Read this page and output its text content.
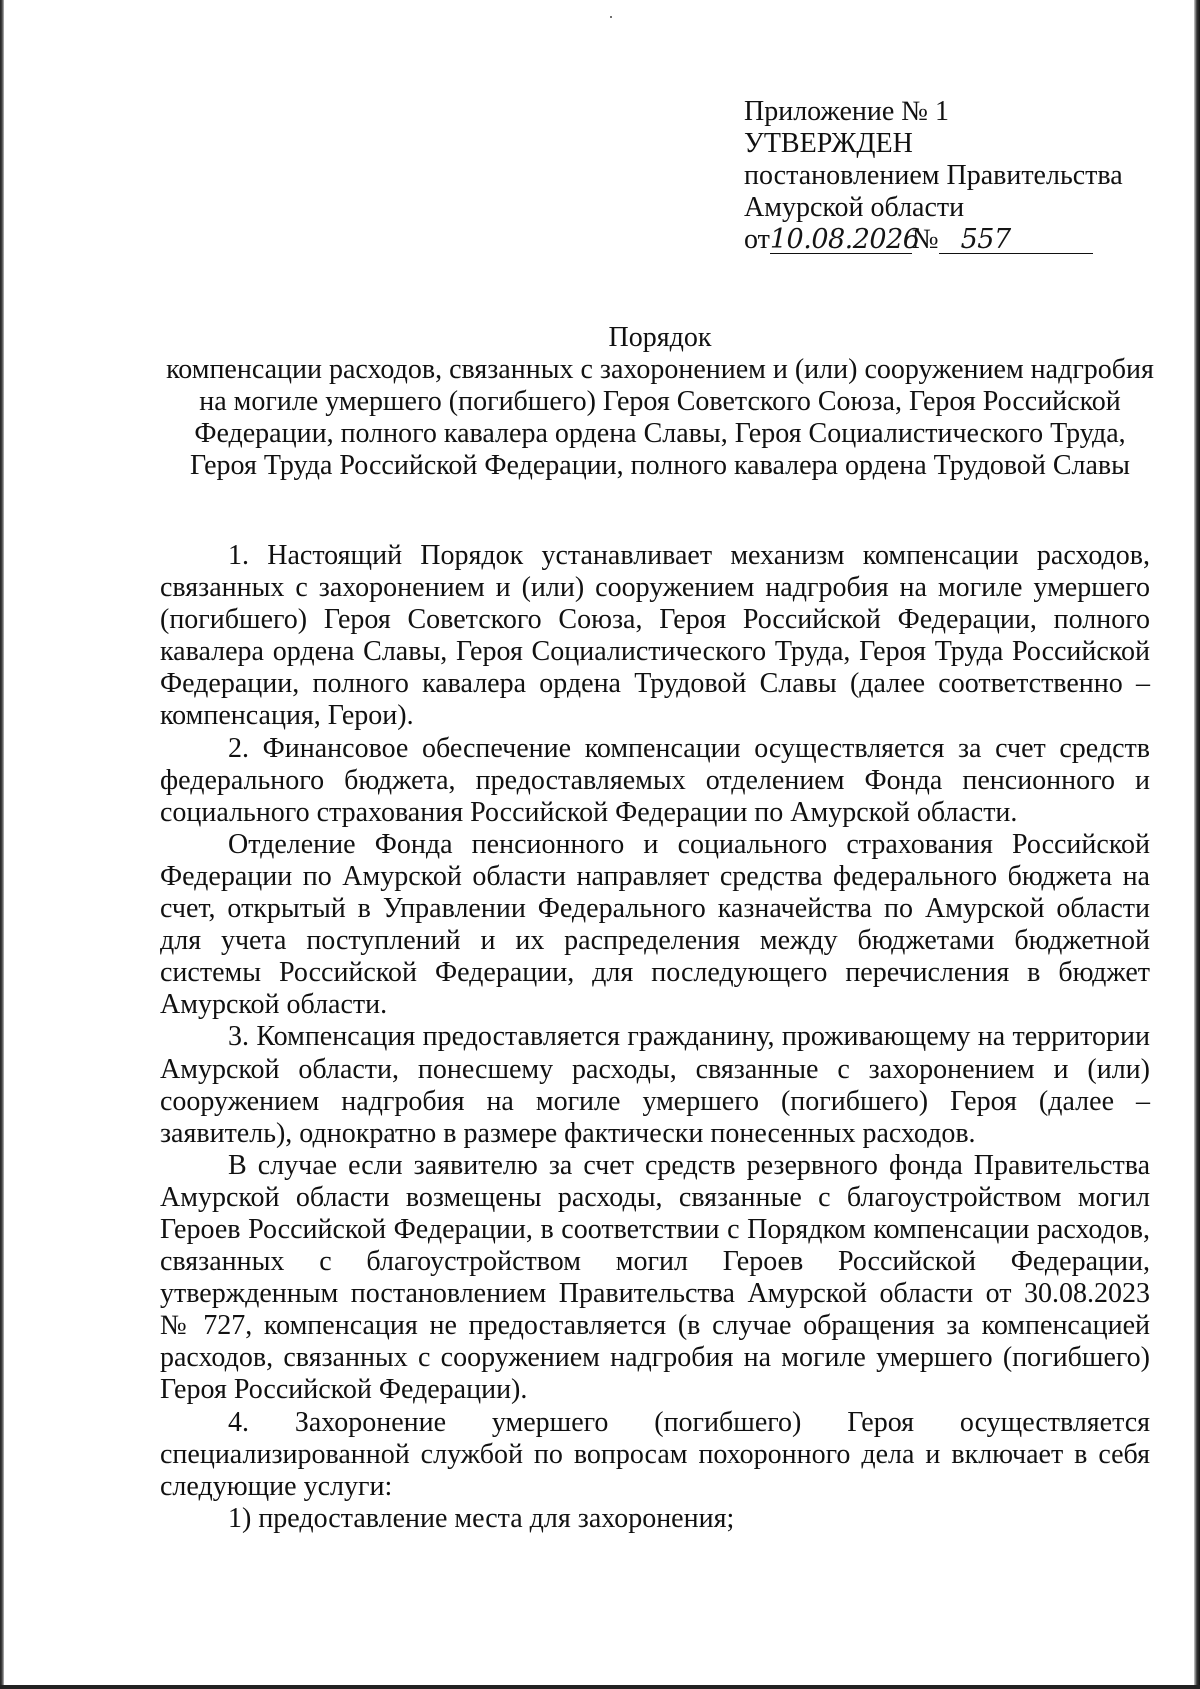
Приложение № 1
УТВЕРЖДЕН
постановлением Правительства
Амурской области
от10.08.2026№ 557
Порядок
компенсации расходов, связанных с захоронением и (или) сооружением надгробия на могиле умершего (погибшего) Героя Советского Союза, Героя Российской Федерации, полного кавалера ордена Славы, Героя Социалистического Труда, Героя Труда Российской Федерации, полного кавалера ордена Трудовой Славы

1. Настоящий Порядок устанавливает механизм компенсации расходов, связанных с захоронением и (или) сооружением надгробия на могиле умершего (погибшего) Героя Советского Союза, Героя Российской Федерации, полного кавалера ордена Славы, Героя Социалистического Труда, Героя Труда Российской Федерации, полного кавалера ордена Трудовой Славы (далее соответственно – компенсация, Герои).

2. Финансовое обеспечение компенсации осуществляется за счет средств федерального бюджета, предоставляемых отделением Фонда пенсионного и социального страхования Российской Федерации по Амурской области.

Отделение Фонда пенсионного и социального страхования Российской Федерации по Амурской области направляет средства федерального бюджета на счет, открытый в Управлении Федерального казначейства по Амурской области для учета поступлений и их распределения между бюджетами бюджетной системы Российской Федерации, для последующего перечисления в бюджет Амурской области.

3. Компенсация предоставляется гражданину, проживающему на территории Амурской области, понесшему расходы, связанные с захоронением и (или) сооружением надгробия на могиле умершего (погибшего) Героя (далее – заявитель), однократно в размере фактически понесенных расходов.

В случае если заявителю за счет средств резервного фонда Правительства Амурской области возмещены расходы, связанные с благоустройством могил Героев Российской Федерации, в соответствии с Порядком компенсации расходов, связанных с благоустройством могил Героев Российской Федерации, утвержденным постановлением Правительства Амурской области от 30.08.2023 № 727, компенсация не предоставляется (в случае обращения за компенсацией расходов, связанных с сооружением надгробия на могиле умершего (погибшего) Героя Российской Федерации).

4. Захоронение умершего (погибшего) Героя осуществляется специализированной службой по вопросам похоронного дела и включает в себя следующие услуги:

1) предоставление места для захоронения;
